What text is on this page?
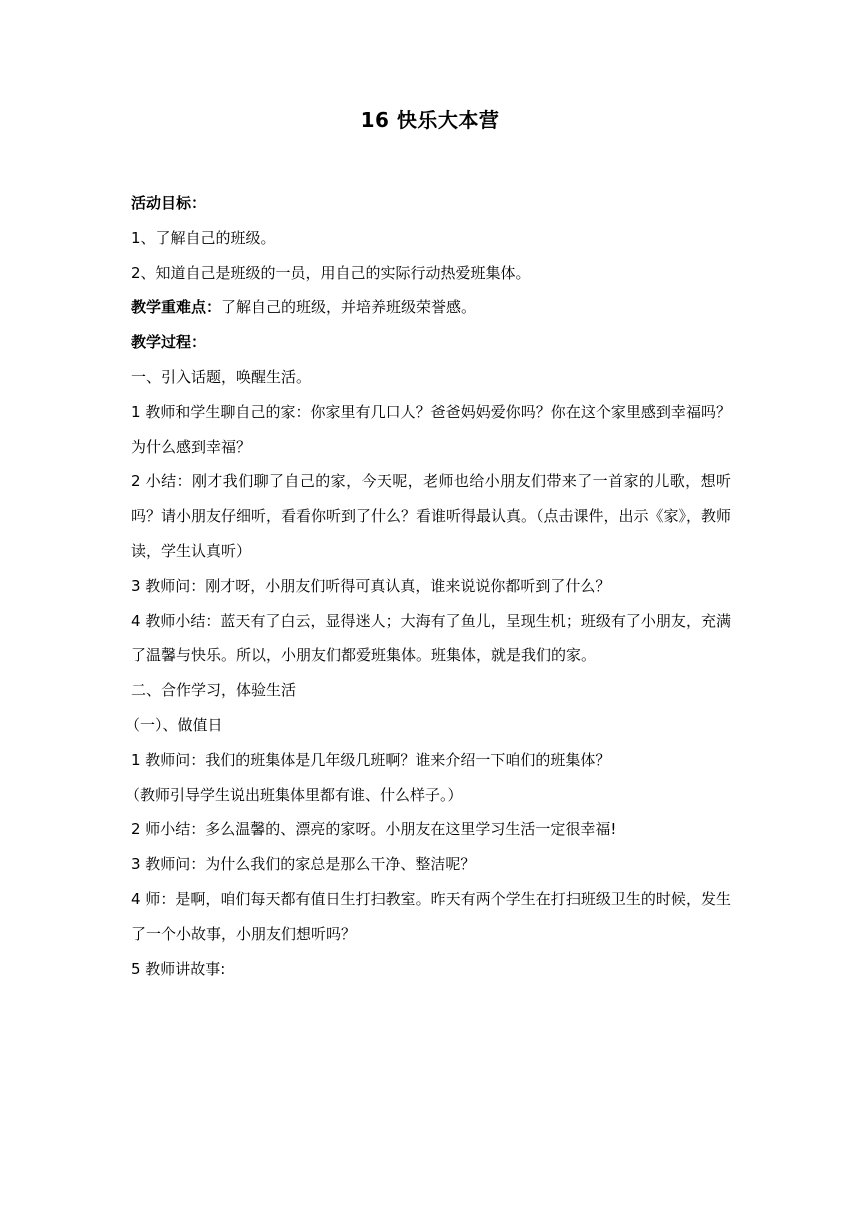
16 快乐大本营

活动目标：

1、了解自己的班级。

2、知道自己是班级的一员，用自己的实际行动热爱班集体。

教学重难点：了解自己的班级，并培养班级荣誉感。

教学过程：

一、引入话题，唤醒生活。

1 教师和学生聊自己的家：你家里有几口人？爸爸妈妈爱你吗？你在这个家里感到幸福吗？为什么感到幸福？

2 小结：刚才我们聊了自己的家，今天呢，老师也给小朋友们带来了一首家的儿歌，想听吗？请小朋友仔细听，看看你听到了什么？看谁听得最认真。（点击课件，出示《家》，教师读，学生认真听）

3 教师问：刚才呀，小朋友们听得可真认真，谁来说说你都听到了什么？

4 教师小结：蓝天有了白云，显得迷人；大海有了鱼儿，呈现生机；班级有了小朋友，充满了温馨与快乐。所以，小朋友们都爱班集体。班集体，就是我们的家。

二、合作学习，体验生活

（一）、做值日

1 教师问：我们的班集体是几年级几班啊？谁来介绍一下咱们的班集体？

（教师引导学生说出班集体里都有谁、什么样子。）

2 师小结：多么温馨的、漂亮的家呀。小朋友在这里学习生活一定很幸福!

3 教师问：为什么我们的家总是那么干净、整洁呢？

4 师：是啊，咱们每天都有值日生打扫教室。昨天有两个学生在打扫班级卫生的时候，发生了一个小故事，小朋友们想听吗？

5 教师讲故事:
